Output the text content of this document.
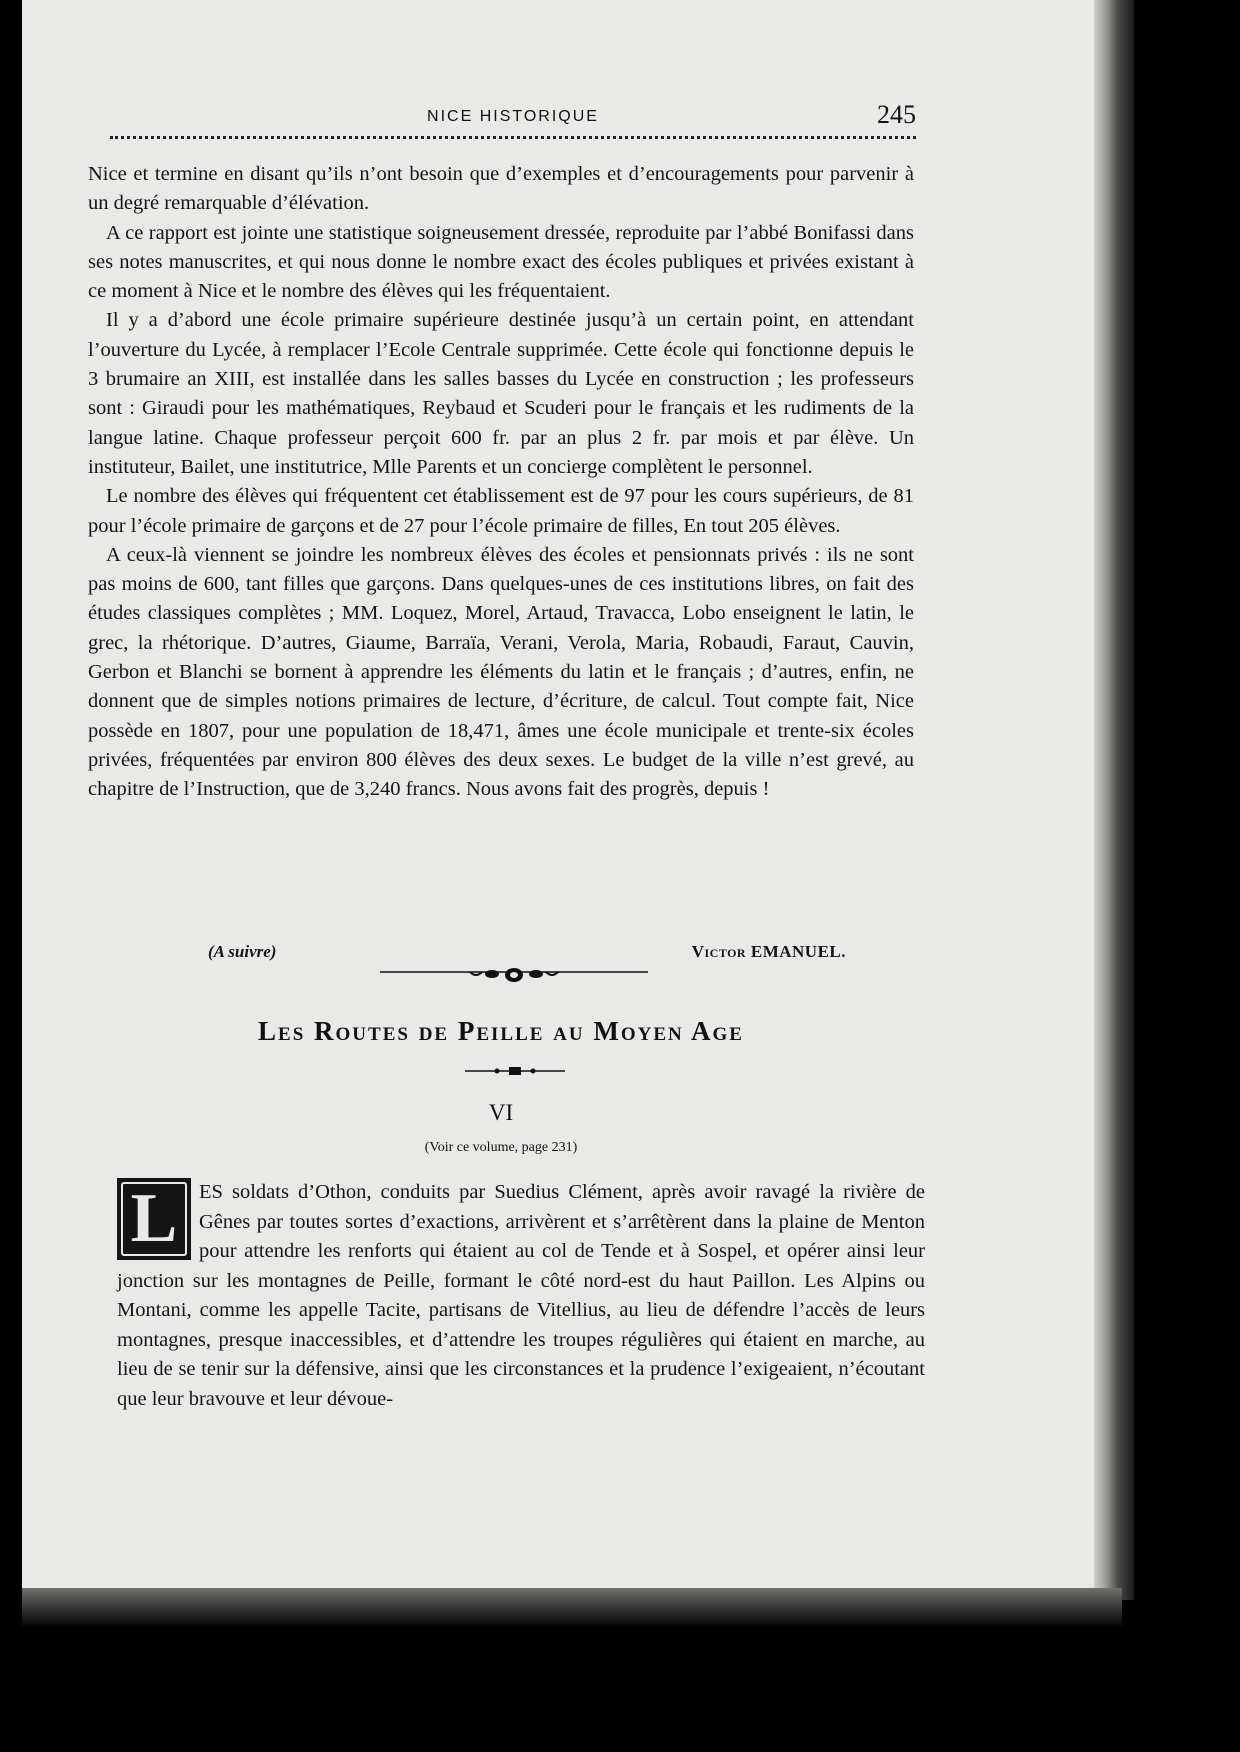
NICE HISTORIQUE	245

Nice et termine en disant qu’ils n’ont besoin que d’exemples et d’encouragements pour parvenir à un degré remarquable d’élévation.

A ce rapport est jointe une statistique soigneusement dressée, reproduite par l’abbé Bonifassi dans ses notes manuscrites, et qui nous donne le nombre exact des écoles publiques et privées existant à ce moment à Nice et le nombre des élèves qui les fréquentaient.

Il y a d’abord une école primaire supérieure destinée jusqu’à un certain point, en attendant l’ouverture du Lycée, à remplacer l’Ecole Centrale supprimée. Cette école qui fonctionne depuis le 3 brumaire an XIII, est installée dans les salles basses du Lycée en construction ; les professeurs sont : Giraudi pour les mathématiques, Reybaud et Scuderi pour le français et les rudiments de la langue latine. Chaque professeur perçoit 600 fr. par an plus 2 fr. par mois et par élève. Un instituteur, Bailet, une institutrice, Mlle Parents et un concierge complètent le personnel.

Le nombre des élèves qui fréquentent cet établissement est de 97 pour les cours supérieurs, de 81 pour l’école primaire de garçons et de 27 pour l’école primaire de filles, En tout 205 élèves.

A ceux-là viennent se joindre les nombreux élèves des écoles et pensionnats privés : ils ne sont pas moins de 600, tant filles que garçons. Dans quelques-unes de ces institutions libres, on fait des études classiques complètes ; MM. Loquez, Morel, Artaud, Travacca, Lobo enseignent le latin, le grec, la rhétorique. D’autres, Giaume, Barraïa, Verani, Verola, Maria, Robaudi, Faraut, Cauvin, Gerbon et Blanchi se bornent à apprendre les éléments du latin et le français ; d’autres, enfin, ne donnent que de simples notions primaires de lecture, d’écriture, de calcul. Tout compte fait, Nice possède en 1807, pour une population de 18,471, âmes une école municipale et trente-six écoles privées, fréquentées par environ 800 élèves des deux sexes. Le budget de la ville n’est grevé, au chapitre de l’Instruction, que de 3,240 francs. Nous avons fait des progrès, depuis !

(A suivre)	Victor EMANUEL.
Les Routes de Peille au Moyen Age
VI
(Voir ce volume, page 231)
L	ES soldats d’Othon, conduits par Suedius Clément, après avoir ravagé la rivière de Gênes par toutes sortes d’exactions, arrivèrent et s’arrêtèrent dans la plaine de Menton pour attendre les renforts qui étaient au col de Tende et à Sospel, et opérer ainsi leur jonction sur les montagnes de Peille, formant le côté nord-est du haut Paillon. Les Alpins ou Montani, comme les appelle Tacite, partisans de Vitellius, au lieu de défendre l’accès de leurs montagnes, presque inaccessibles, et d’attendre les troupes régulières qui étaient en marche, au lieu de se tenir sur la défensive, ainsi que les circonstances et la prudence l’exigeaient, n’écoutant que leur bravouve et leur dévoue-
